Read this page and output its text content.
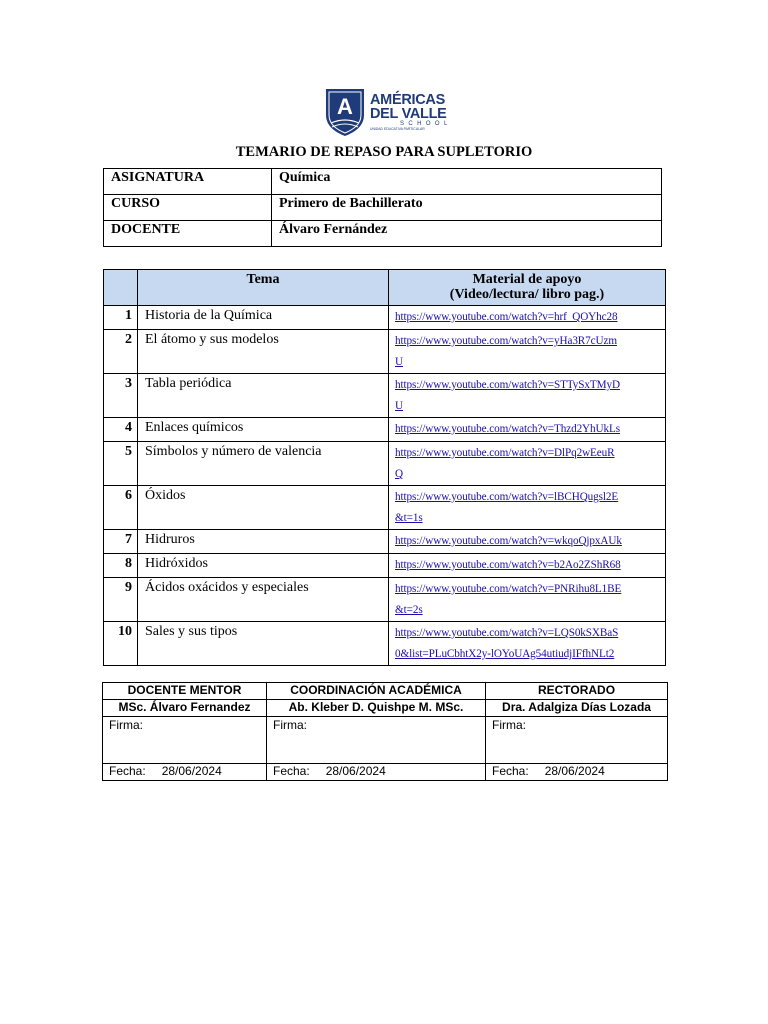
A AMÉRICAS
DEL VALLE
SCHOOL
UNIDAD EDUCATIVA PARTICULAR
TEMARIO DE REPASO PARA SUPLETORIO
ASIGNATURA	Química
CURSO	Primero de Bachillerato
DOCENTE	Álvaro Fernández
	Tema	Material de apoyo
(Video/lectura/ libro pag.)
1	Historia de la Química	https://www.youtube.com/watch?v=hrf_QOYhc28
2	El átomo y sus modelos	https://www.youtube.com/watch?v=yHa3R7cUzm
U
3	Tabla periódica	https://www.youtube.com/watch?v=STTySxTMyD
U
4	Enlaces químicos	https://www.youtube.com/watch?v=Thzd2YhUkLs
5	Símbolos y número de valencia	https://www.youtube.com/watch?v=DlPq2wEeuR
Q
6	Óxidos	https://www.youtube.com/watch?v=lBCHQugsl2E
&t=1s
7	Hidruros	https://www.youtube.com/watch?v=wkqoQjpxAUk
8	Hidróxidos	https://www.youtube.com/watch?v=b2Ao2ZShR68
9	Ácidos oxácidos y especiales	https://www.youtube.com/watch?v=PNRihu8L1BE
&t=2s
10	Sales y sus tipos	https://www.youtube.com/watch?v=LQS0kSXBaS
0&list=PLuCbhtX2y-lOYoUAg54utiudjIFfhNLt2
DOCENTE MENTOR	COORDINACIÓN ACADÉMICA	RECTORADO
MSc. Álvaro Fernandez	Ab. Kleber D. Quishpe M. MSc.	Dra. Adalgiza Días Lozada
Firma:	Firma:	Firma:
Fecha: 28/06/2024	Fecha: 28/06/2024	Fecha: 28/06/2024
